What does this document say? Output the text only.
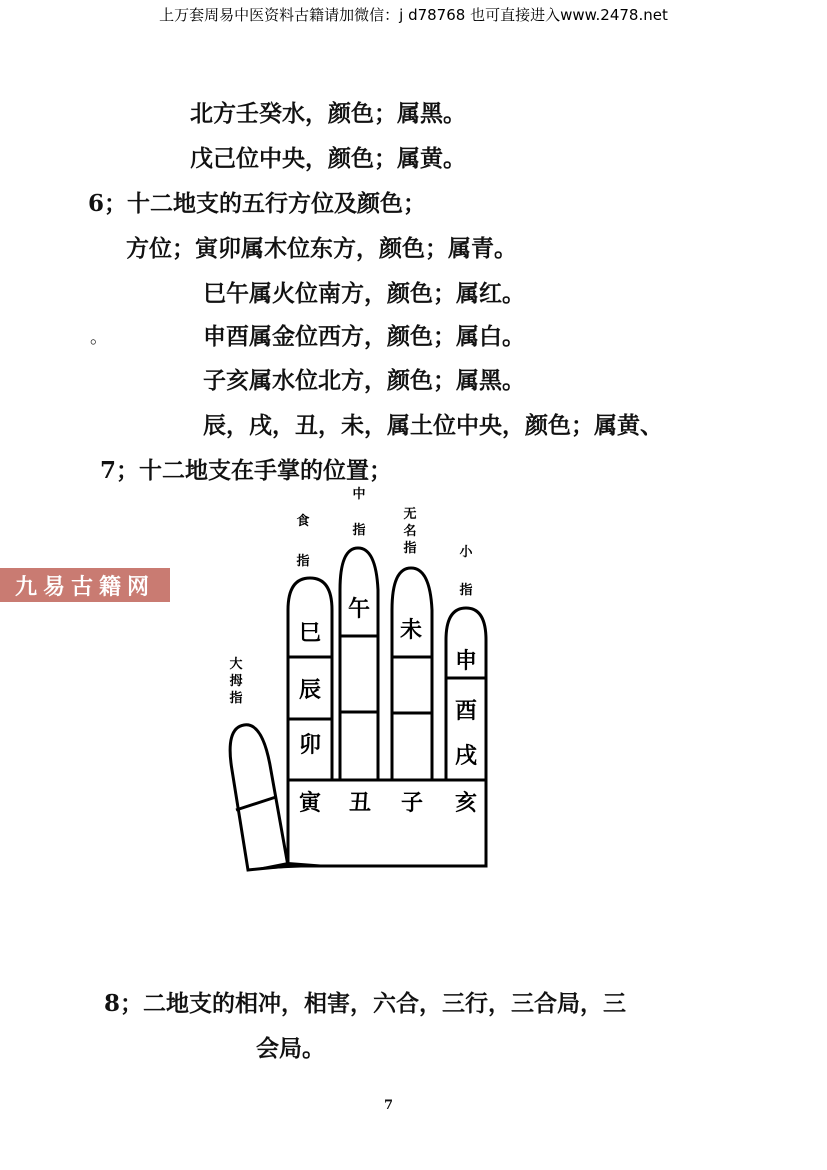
上万套周易中医资料古籍请加微信：j d78768 也可直接进入www.2478.net
北方壬癸水，颜色；属黑。
戊己位中央，颜色；属黄。
6；十二地支的五行方位及颜色；
方位；寅卯属木位东方，颜色；属青。
巳午属火位南方，颜色；属红。
。	申酉属金位西方，颜色；属白。
子亥属水位北方，颜色；属黑。
辰，戌，丑，未，属土位中央，颜色；属黄、
7；十二地支在手掌的位置；
九易古籍网
大拇指
食指
中指
无名指	小指
巳
辰
卯
午
未
申
酉
戌
寅 丑 子 亥
8；二地支的相冲，相害，六合，三行，三合局，三
会局。
7
